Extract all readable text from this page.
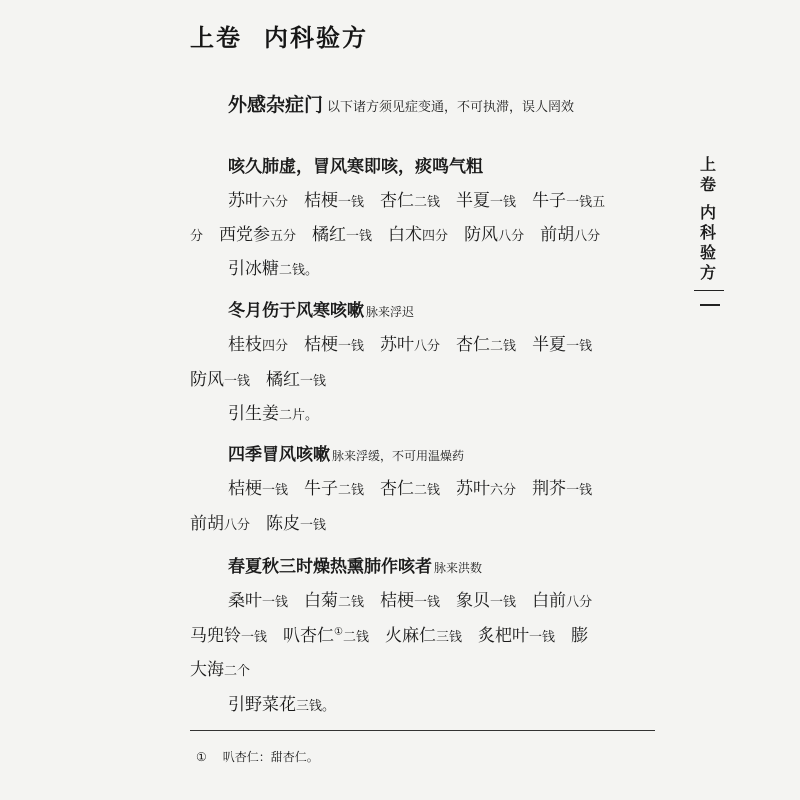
上卷 内科验方
外感杂症门 以下诸方须见症变通，不可执滞，误人罔效
咳久肺虚，冒风寒即咳，痰鸣气粗
苏叶六分 桔梗一钱 杏仁二钱 半夏一钱 牛子一钱五
分 西党参五分 橘红一钱 白术四分 防风八分 前胡八分
引冰糖二钱。
冬月伤于风寒咳嗽 脉来浮迟
桂枝四分 桔梗一钱 苏叶八分 杏仁二钱 半夏一钱
防风一钱 橘红一钱
引生姜二片。
四季冒风咳嗽 脉来浮缓，不可用温燥药
桔梗一钱 牛子二钱 杏仁二钱 苏叶六分 荆芥一钱
前胡八分 陈皮一钱
春夏秋三时燥热熏肺作咳者 脉来洪数
桑叶一钱 白菊二钱 桔梗一钱 象贝一钱 白前八分
马兜铃一钱 叭杏仁①二钱 火麻仁三钱 炙杷叶一钱 膨
大海二个
引野菜花三钱。
上
卷
内
科
验
方
① 叭杏仁：甜杏仁。
